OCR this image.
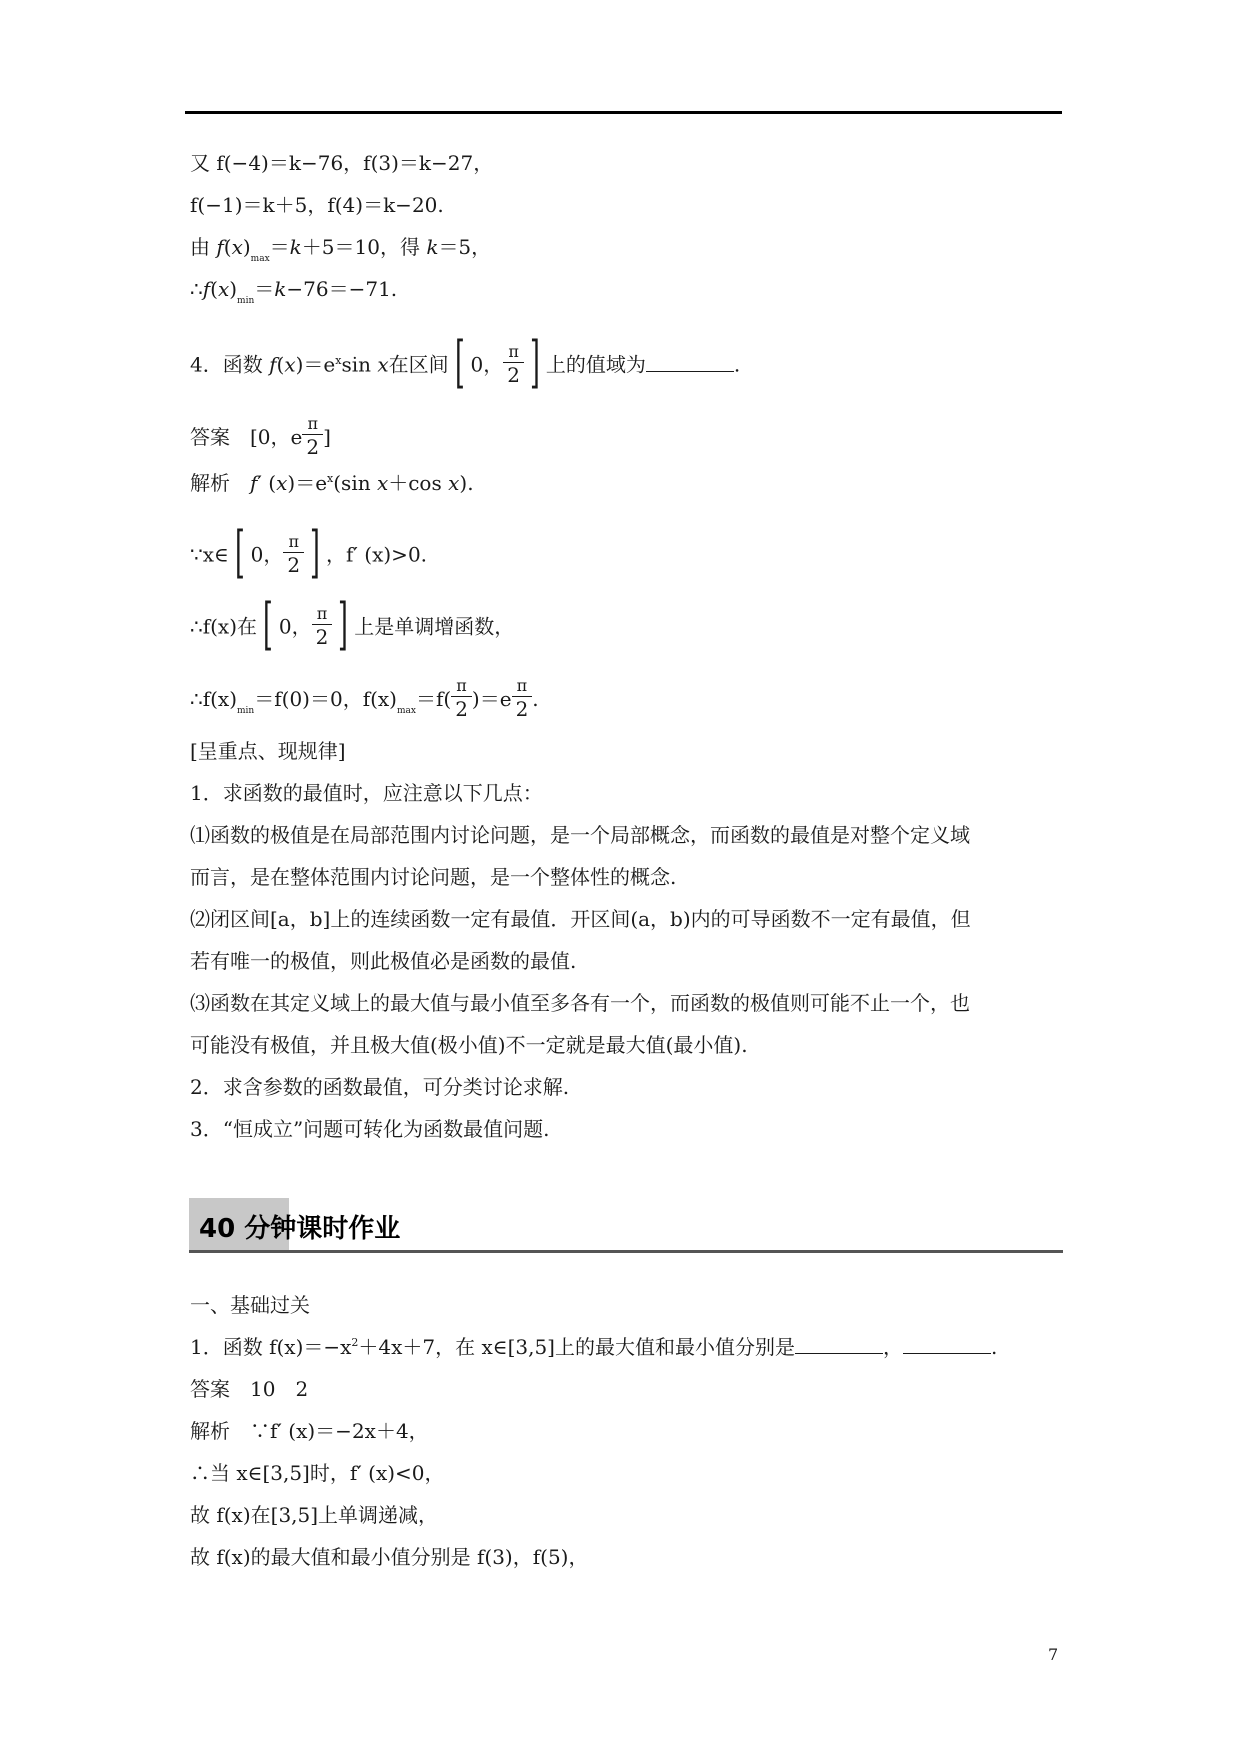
又 f(−4)＝k−76，f(3)＝k−27，
f(−1)＝k＋5，f(4)＝k−20.
由 $f(x)_{max}=k+5=10$，得 k＝5，
$\therefore f(x)_{min}=k-76=-71$.
4．函数 $f(x)=e^x\sin$ x在区间 [ 0， $\frac{\pi}{2}$ ] 上的值域为	.
答案　 [0，e $\frac{\pi}{2}$ ]
解析　 f′ $(x)=e^x(\sin$ x＋cos x).
∵x∈ [ 0， $\frac{\pi}{2}$ ] ，f′ (x)>0.
∴f(x)在 [ 0， $\frac{\pi}{2}$ ] 上是单调增函数，
$\therefore f(x)_{min}=f(0)=0$，$f(x)_{max}=f( \frac{\pi}{2} )=e \frac{\pi}{2}$ .
[呈重点、现规律]
1．求函数的最值时，应注意以下几点：
⑴函数的极值是在局部范围内讨论问题，是一个局部概念，而函数的最值是对整个定义域
而言，是在整体范围内讨论问题，是一个整体性的概念.
⑵闭区间[a，b]上的连续函数一定有最值．开区间(a，b)内的可导函数不一定有最值，但
若有唯一的极值，则此极值必是函数的最值.
⑶函数在其定义域上的最大值与最小值至多各有一个，而函数的极值则可能不止一个，也
可能没有极值，并且极大值(极小值)不一定就是最大值(最小值).
2．求含参数的函数最值，可分类讨论求解.
3．“恒成立”问题可转化为函数最值问题.
40 分钟课时作业
一、基础过关
1．函数 $f(x)=-x^2+4x+7$，在 x∈[3,5]上的最大值和最小值分别是	，	.
答案　10　2
解析　∵f′ (x)＝−2x＋4，
∴当 x∈[3,5]时，f′ (x)<0，
故 f(x)在[3,5]上单调递减，
故 f(x)的最大值和最小值分别是 f(3)，f(5)，
7
